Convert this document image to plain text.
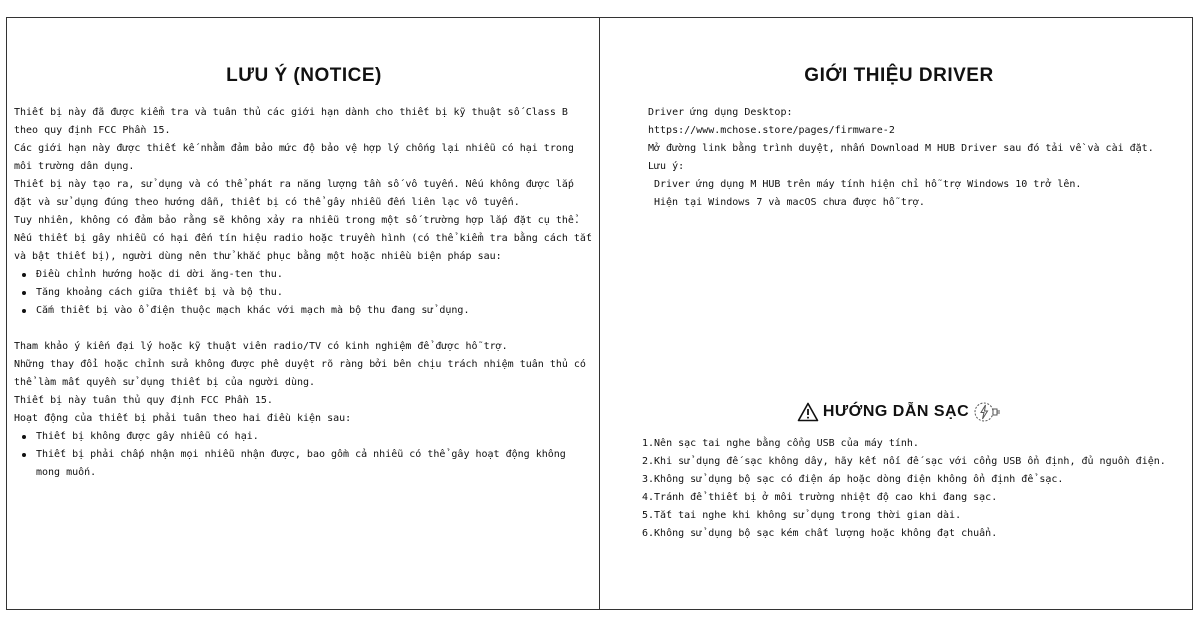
LƯU Ý (NOTICE)

Thiết bị này đã được kiểm tra và tuân thủ các giới hạn dành cho thiết bị kỹ thuật số Class B theo quy định FCC Phần 15.

Các giới hạn này được thiết kế nhằm đảm bảo mức độ bảo vệ hợp lý chống lại nhiễu có hại trong môi trường dân dụng.

Thiết bị này tạo ra, sử dụng và có thể phát ra năng lượng tần số vô tuyến. Nếu không được lắp đặt và sử dụng đúng theo hướng dẫn, thiết bị có thể gây nhiễu đến liên lạc vô tuyến.

Tuy nhiên, không có đảm bảo rằng sẽ không xảy ra nhiễu trong một số trường hợp lắp đặt cụ thể.

Nếu thiết bị gây nhiễu có hại đến tín hiệu radio hoặc truyền hình (có thể kiểm tra bằng cách tắt và bật thiết bị), người dùng nên thử khắc phục bằng một hoặc nhiều biện pháp sau:

Điều chỉnh hướng hoặc di dời ăng-ten thu.
Tăng khoảng cách giữa thiết bị và bộ thu.
Cắm thiết bị vào ổ điện thuộc mạch khác với mạch mà bộ thu đang sử dụng.

Tham khảo ý kiến đại lý hoặc kỹ thuật viên radio/TV có kinh nghiệm để được hỗ trợ.

Những thay đổi hoặc chỉnh sửa không được phê duyệt rõ ràng bởi bên chịu trách nhiệm tuân thủ có thể làm mất quyền sử dụng thiết bị của người dùng.

Thiết bị này tuân thủ quy định FCC Phần 15.

Hoạt động của thiết bị phải tuân theo hai điều kiện sau:

Thiết bị không được gây nhiễu có hại.
Thiết bị phải chấp nhận mọi nhiễu nhận được, bao gồm cả nhiễu có thể gây hoạt động không mong muốn.
GIỚI THIỆU DRIVER

Driver ứng dụng Desktop:

https://www.mchose.store/pages/firmware-2

Mở đường link bằng trình duyệt, nhấn Download M HUB Driver sau đó tải về và cài đặt.

Lưu ý:

Driver ứng dụng M HUB trên máy tính hiện chỉ hỗ trợ Windows 10 trở lên.

Hiện tại Windows 7 và macOS chưa được hỗ trợ.

HƯỚNG DẪN SẠC

1.Nên sạc tai nghe bằng cổng USB của máy tính.

2.Khi sử dụng đế sạc không dây, hãy kết nối đế sạc với cổng USB ổn định, đủ nguồn điện.

3.Không sử dụng bộ sạc có điện áp hoặc dòng điện không ổn định để sạc.

4.Tránh để thiết bị ở môi trường nhiệt độ cao khi đang sạc.

5.Tắt tai nghe khi không sử dụng trong thời gian dài.

6.Không sử dụng bộ sạc kém chất lượng hoặc không đạt chuẩn.
